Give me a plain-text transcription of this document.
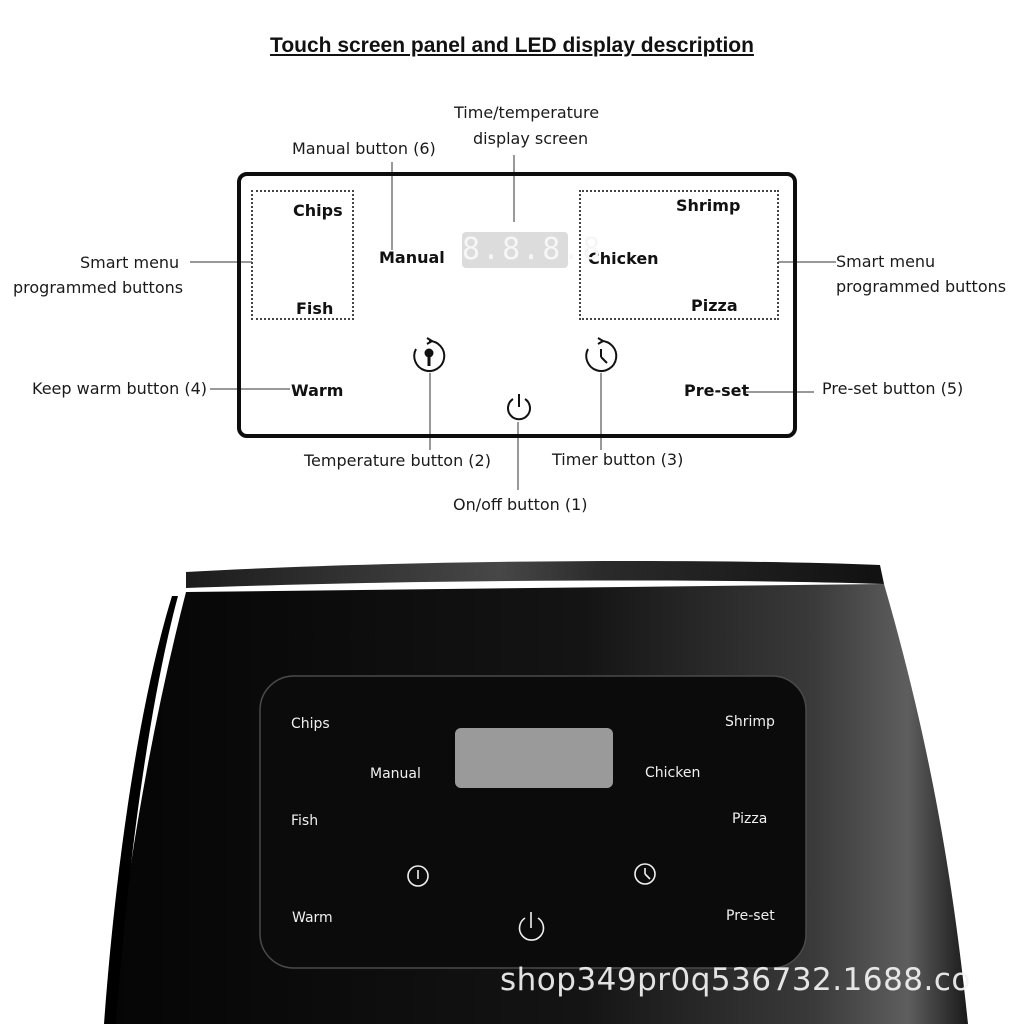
Touch screen panel and LED display description
Time/temperature
display screen
Manual button (6)
Smart menu
programmed buttons
Smart menu
programmed buttons
Keep warm button (4)	Pre-set button (5)
Temperature button (2)	Timer button (3)
On/off button (1)
Chips
Fish
Manual
Shrimp
Chicken
Pizza
Warm	Pre-set
8.8.8.8
Chips
Manual
Fish
Warm
Shrimp
Chicken
Pizza
Pre-set
shop349pr0q536732.1688.co
